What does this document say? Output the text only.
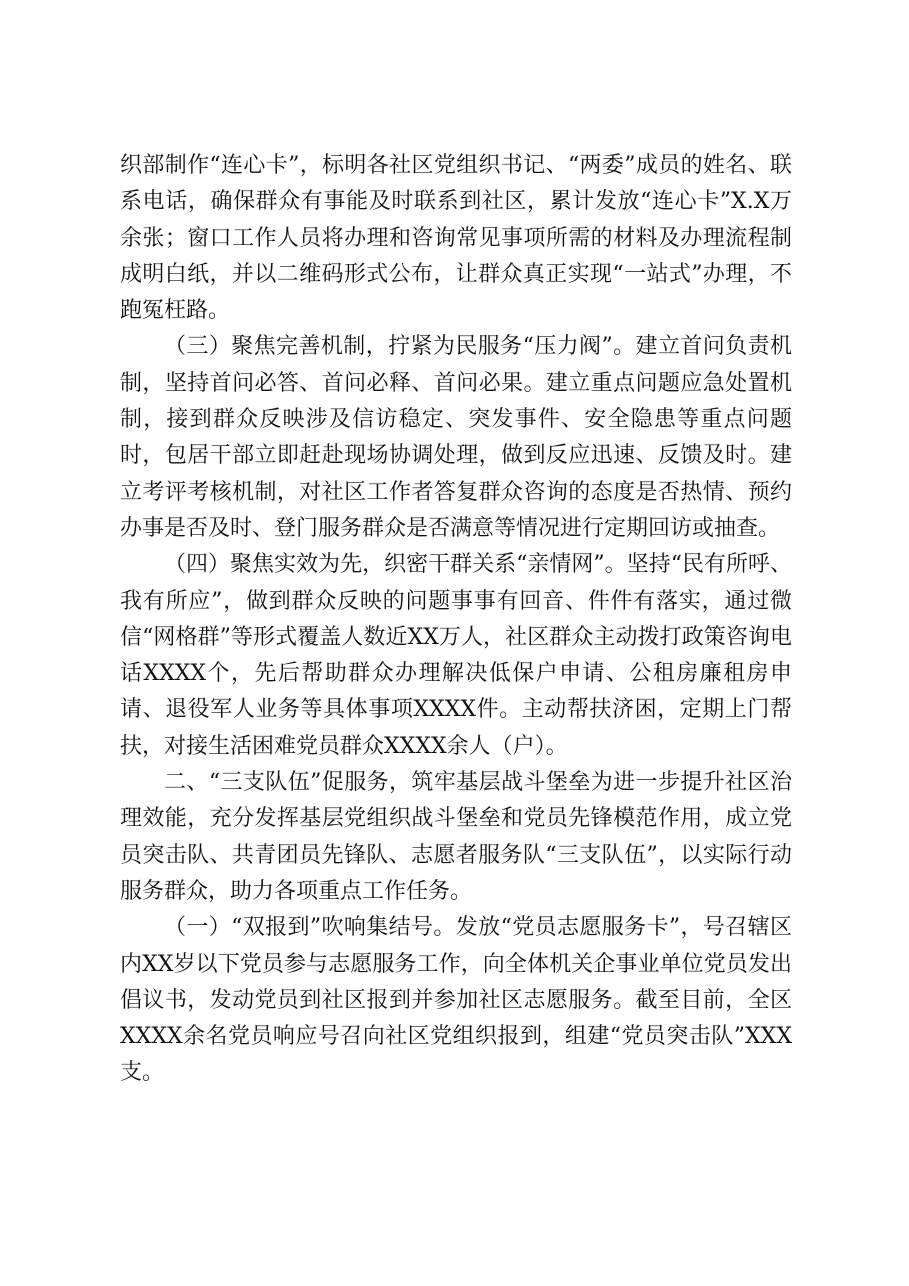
织部制作“连心卡”，标明各社区党组织书记、“两委”成员的姓名、联系电话，确保群众有事能及时联系到社区，累计发放“连心卡”X.X万余张；窗口工作人员将办理和咨询常见事项所需的材料及办理流程制成明白纸，并以二维码形式公布，让群众真正实现“一站式”办理，不跑冤枉路。

（三）聚焦完善机制，拧紧为民服务“压力阀”。建立首问负责机制，坚持首问必答、首问必释、首问必果。建立重点问题应急处置机制，接到群众反映涉及信访稳定、突发事件、安全隐患等重点问题时，包居干部立即赶赴现场协调处理，做到反应迅速、反馈及时。建立考评考核机制，对社区工作者答复群众咨询的态度是否热情、预约办事是否及时、登门服务群众是否满意等情况进行定期回访或抽查。

（四）聚焦实效为先，织密干群关系“亲情网”。坚持“民有所呼、我有所应”，做到群众反映的问题事事有回音、件件有落实，通过微信“网格群”等形式覆盖人数近XX万人，社区群众主动拨打政策咨询电话XXXX个，先后帮助群众办理解决低保户申请、公租房廉租房申请、退役军人业务等具体事项XXXX件。主动帮扶济困，定期上门帮扶，对接生活困难党员群众XXXX余人（户）。

二、“三支队伍”促服务，筑牢基层战斗堡垒为进一步提升社区治理效能，充分发挥基层党组织战斗堡垒和党员先锋模范作用，成立党员突击队、共青团员先锋队、志愿者服务队“三支队伍”，以实际行动服务群众，助力各项重点工作任务。

（一）“双报到”吹响集结号。发放“党员志愿服务卡”，号召辖区内XX岁以下党员参与志愿服务工作，向全体机关企事业单位党员发出倡议书，发动党员到社区报到并参加社区志愿服务。截至目前，全区XXXX余名党员响应号召向社区党组织报到，组建“党员突击队”XXX支。
